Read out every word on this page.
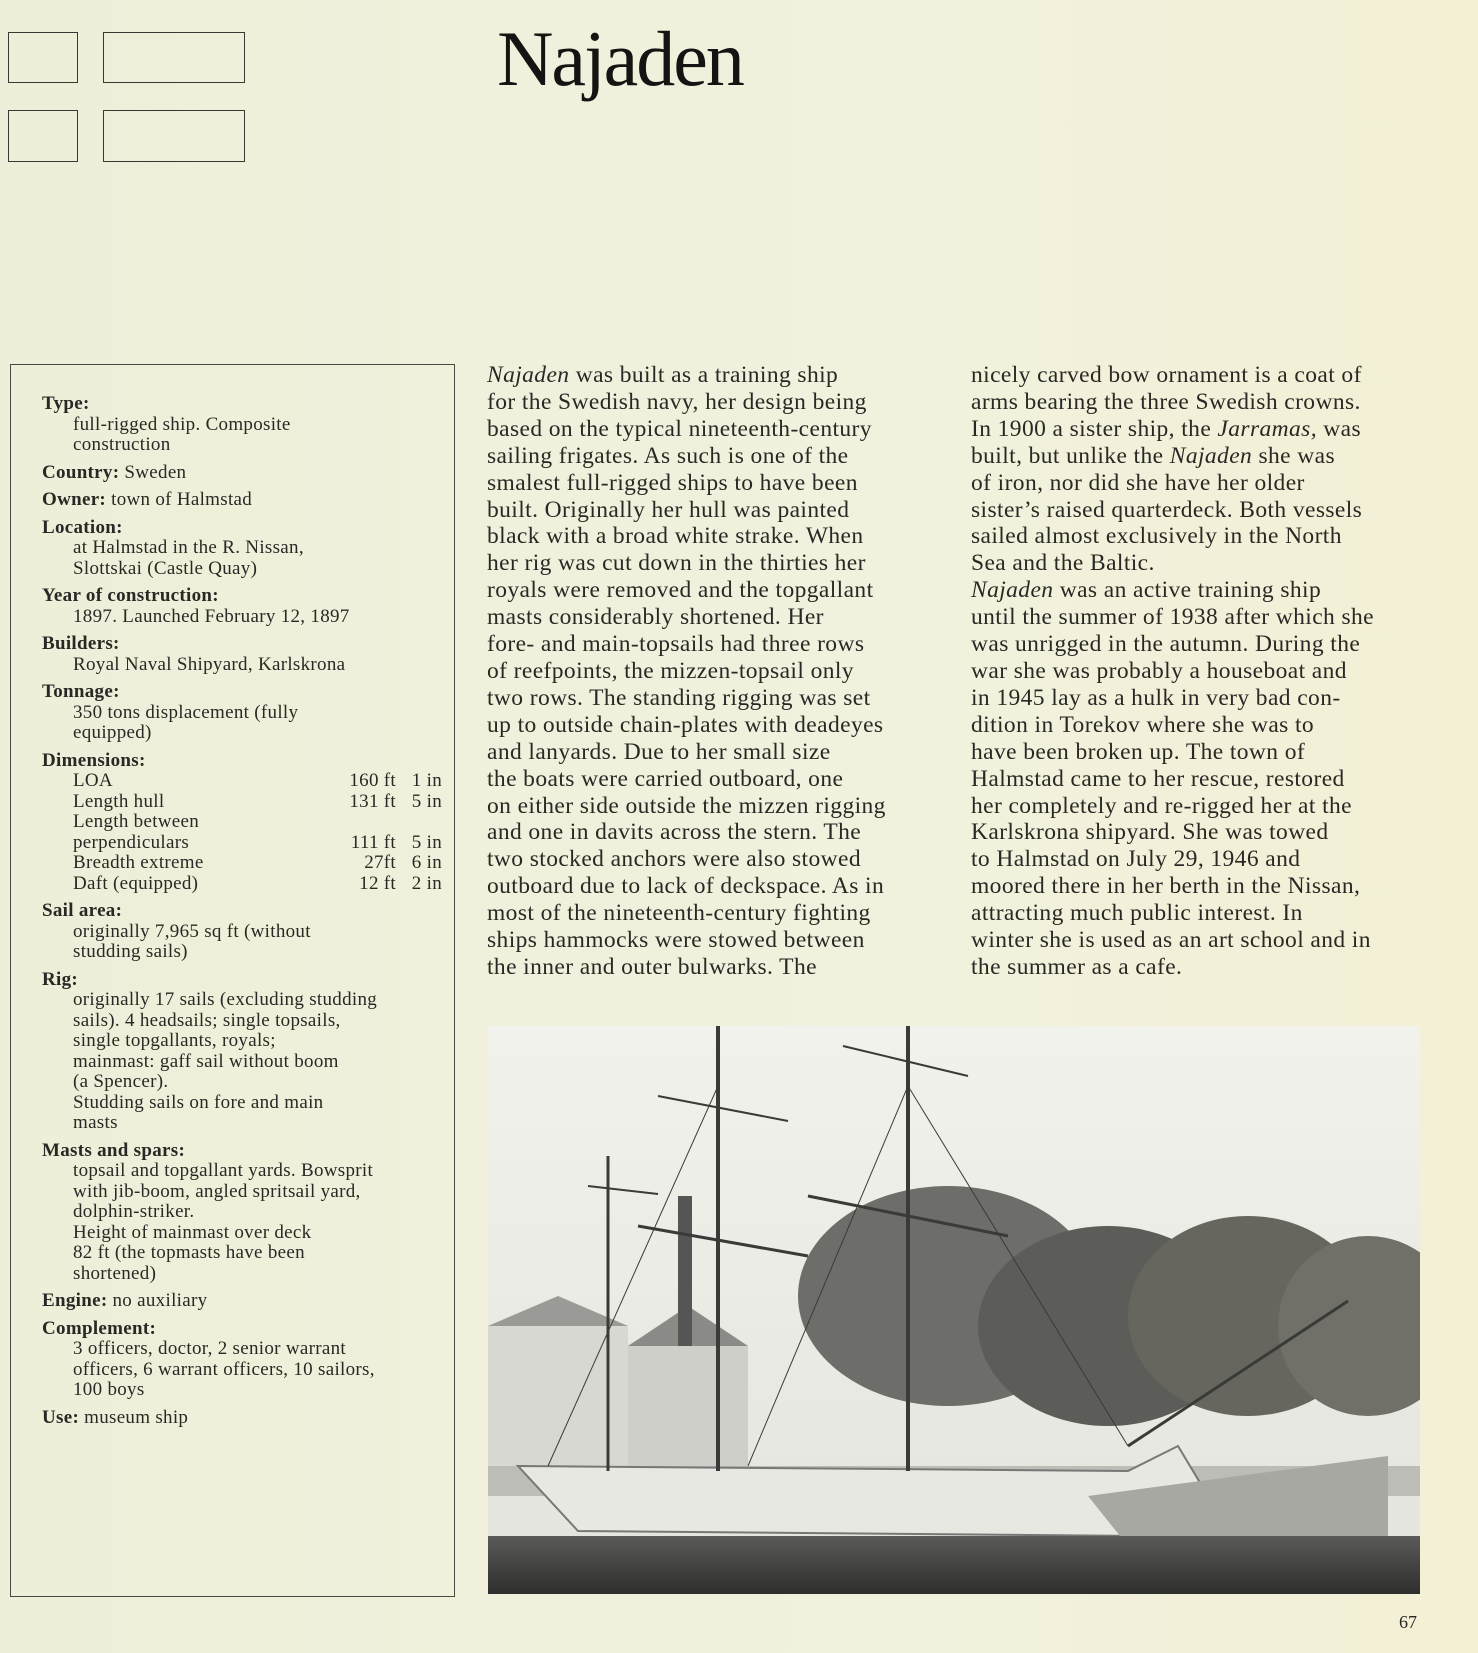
Najaden
Type:
full-rigged ship. Composite
construction
Country: Sweden
Owner: town of Halmstad
Location:
at Halmstad in the R. Nissan,
Slottskai (Castle Quay)
Year of construction:
1897. Launched February 12, 1897
Builders:
Royal Naval Shipyard, Karlskrona
Tonnage:
350 tons displacement (fully
equipped)
Dimensions:
LOA	160 ft 1 in
Length hull	131 ft 5 in
Length between
perpendiculars	111 ft 5 in
Breadth extreme	27ft 6 in
Daft (equipped)	12 ft 2 in
Sail area:
originally 7,965 sq ft (without
studding sails)
Rig:
originally 17 sails (excluding studding
sails). 4 headsails; single topsails,
single topgallants, royals;
mainmast: gaff sail without boom
(a Spencer).
Studding sails on fore and main
masts
Masts and spars:
topsail and topgallant yards. Bowsprit
with jib-boom, angled spritsail yard,
dolphin-striker.
Height of mainmast over deck
82 ft (the topmasts have been
shortened)
Engine: no auxiliary
Complement:
3 officers, doctor, 2 senior warrant
officers, 6 warrant officers, 10 sailors,
100 boys
Use: museum ship
Najaden was built as a training ship
for the Swedish navy, her design being
based on the typical nineteenth-century
sailing frigates. As such is one of the
smalest full-rigged ships to have been
built. Originally her hull was painted
black with a broad white strake. When
her rig was cut down in the thirties her
royals were removed and the topgallant
masts considerably shortened. Her
fore- and main-topsails had three rows
of reefpoints, the mizzen-topsail only
two rows. The standing rigging was set
up to outside chain-plates with deadeyes
and lanyards. Due to her small size
the boats were carried outboard, one
on either side outside the mizzen rigging
and one in davits across the stern. The
two stocked anchors were also stowed
outboard due to lack of deckspace. As in
most of the nineteenth-century fighting
ships hammocks were stowed between
the inner and outer bulwarks. The
nicely carved bow ornament is a coat of
arms bearing the three Swedish crowns.
In 1900 a sister ship, the Jarramas, was
built, but unlike the Najaden she was
of iron, nor did she have her older
sister’s raised quarterdeck. Both vessels
sailed almost exclusively in the North
Sea and the Baltic.
Najaden was an active training ship
until the summer of 1938 after which she
was unrigged in the autumn. During the
war she was probably a houseboat and
in 1945 lay as a hulk in very bad con-
dition in Torekov where she was to
have been broken up. The town of
Halmstad came to her rescue, restored
her completely and re-rigged her at the
Karlskrona shipyard. She was towed
to Halmstad on July 29, 1946 and
moored there in her berth in the Nissan,
attracting much public interest. In
winter she is used as an art school and in
the summer as a cafe.
67
